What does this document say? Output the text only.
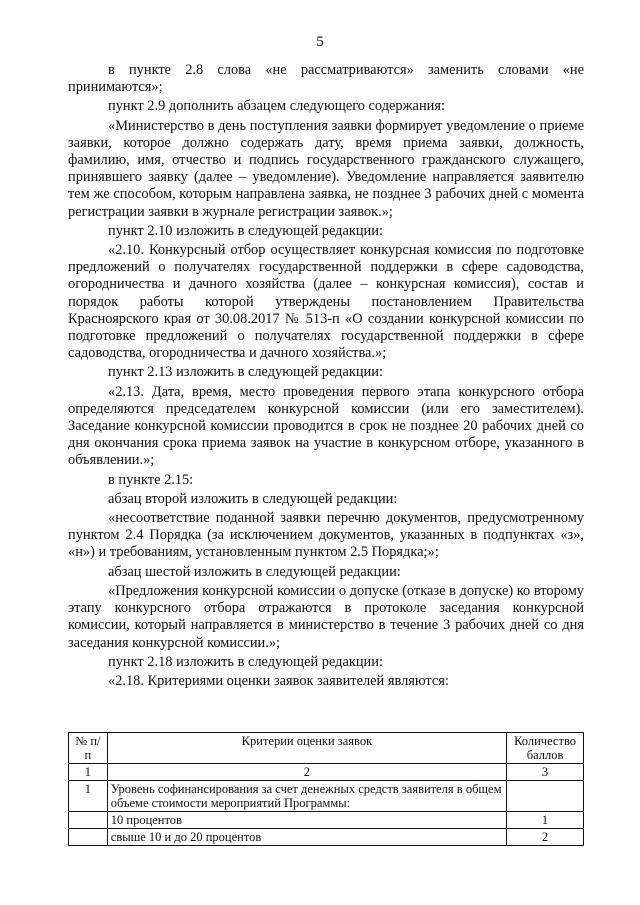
5

в пункте 2.8 слова «не рассматриваются» заменить словами «не принимаются»;

пункт 2.9 дополнить абзацем следующего содержания:

«Министерство в день поступления заявки формирует уведомление о приеме заявки, которое должно содержать дату, время приема заявки, должность, фамилию, имя, отчество и подпись государственного гражданского служащего, принявшего заявку (далее – уведомление). Уведомление направляется заявителю тем же способом, которым направлена заявка, не позднее 3 рабочих дней с момента регистрации заявки в журнале регистрации заявок.»;

пункт 2.10 изложить в следующей редакции:

«2.10. Конкурсный отбор осуществляет конкурсная комиссия по подготовке предложений о получателях государственной поддержки в сфере садоводства, огородничества и дачного хозяйства (далее – конкурсная комиссия), состав и порядок работы которой утверждены постановлением Правительства Красноярского края от 30.08.2017 № 513-п «О создании конкурсной комиссии по подготовке предложений о получателях государственной поддержки в сфере садоводства, огородничества и дачного хозяйства.»;

пункт 2.13 изложить в следующей редакции:

«2.13. Дата, время, место проведения первого этапа конкурсного отбора определяются председателем конкурсной комиссии (или его заместителем). Заседание конкурсной комиссии проводится в срок не позднее 20 рабочих дней со дня окончания срока приема заявок на участие в конкурсном отборе, указанного в объявлении.»;

в пункте 2.15:

абзац второй изложить в следующей редакции:

«несоответствие поданной заявки перечню документов, предусмотренному пунктом 2.4 Порядка (за исключением документов, указанных в подпунктах «з», «н») и требованиям, установленным пунктом 2.5 Порядка;»;

абзац шестой изложить в следующей редакции:

«Предложения конкурсной комиссии о допуске (отказе в допуске) ко второму этапу конкурсного отбора отражаются в протоколе заседания конкурсной комиссии, который направляется в министерство в течение 3 рабочих дней со дня заседания конкурсной комиссии.»;

пункт 2.18 изложить в следующей редакции:

«2.18. Критериями оценки заявок заявителей являются:

№ п/п	Критерии оценки заявок	Количество баллов
1	2	3
1	Уровень софинансирования за счет денежных средств заявителя в общем объеме стоимости мероприятий Программы:	
	10 процентов	1
	свыше 10 и до 20 процентов	2
